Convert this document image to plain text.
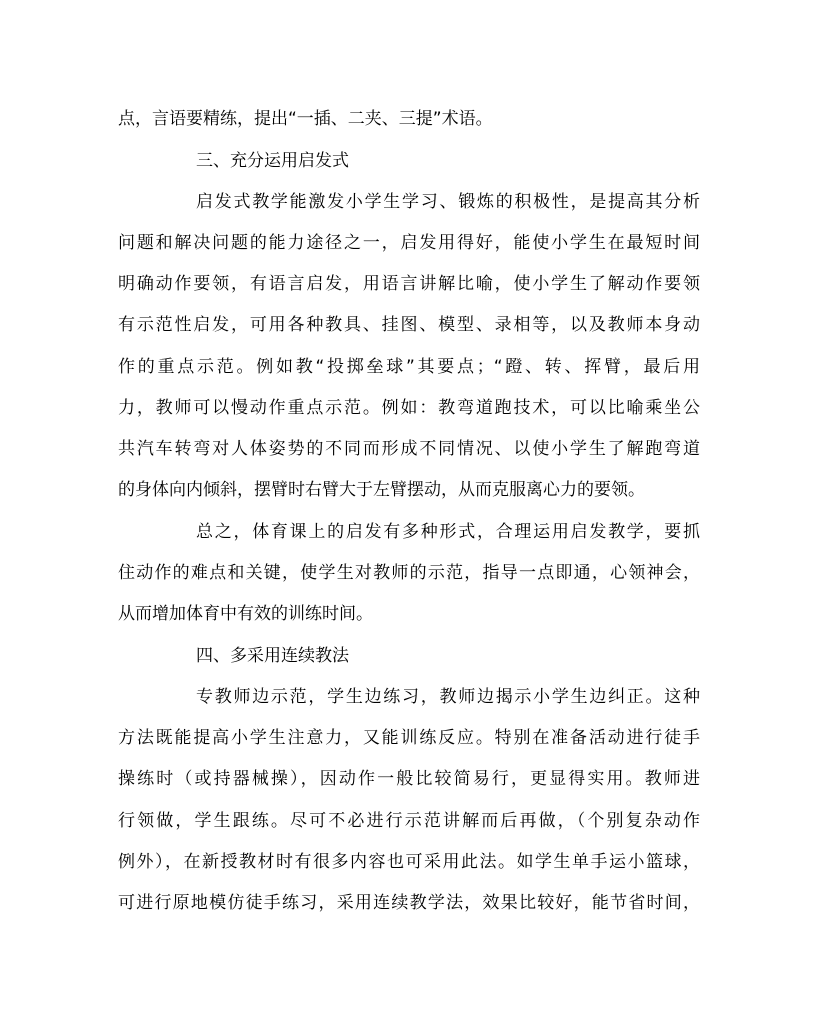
点，言语要精练，提出“一插、二夹、三提”术语。
三、充分运用启发式
启发式教学能激发小学生学习、锻炼的积极性，是提高其分析
问题和解决问题的能力途径之一，启发用得好，能使小学生在最短时间
明确动作要领，有语言启发，用语言讲解比喻，使小学生了解动作要领
有示范性启发，可用各种教具、挂图、模型、录相等，以及教师本身动
作的重点示范。例如教“投掷垒球”其要点；“蹬、转、挥臂，最后用
力，教师可以慢动作重点示范。例如：教弯道跑技术，可以比喻乘坐公
共汽车转弯对人体姿势的不同而形成不同情况、以使小学生了解跑弯道
的身体向内倾斜，摆臂时右臂大于左臂摆动，从而克服离心力的要领。
总之，体育课上的启发有多种形式，合理运用启发教学，要抓
住动作的难点和关键，使学生对教师的示范，指导一点即通，心领神会，
从而增加体育中有效的训练时间。
四、多采用连续教法
专教师边示范，学生边练习，教师边揭示小学生边纠正。这种
方法既能提高小学生注意力，又能训练反应。特别在准备活动进行徒手
操练时（或持器械操），因动作一般比较简易行，更显得实用。教师进
行领做，学生跟练。尽可不必进行示范讲解而后再做，（个别复杂动作
例外），在新授教材时有很多内容也可采用此法。如学生单手运小篮球，
可进行原地模仿徒手练习，采用连续教学法，效果比较好，能节省时间，
